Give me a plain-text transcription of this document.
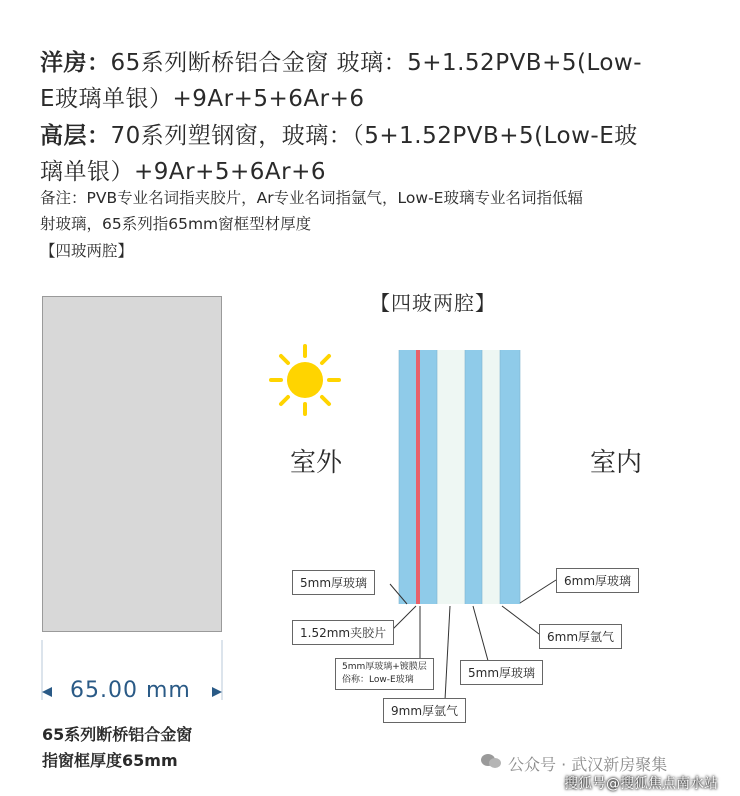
洋房：65系列断桥铝合金窗 玻璃：5+1.52PVB+5(Low-
E玻璃单银）+9Ar+5+6Ar+6
高层：70系列塑钢窗，玻璃：（5+1.52PVB+5(Low-E玻
璃单银）+9Ar+5+6Ar+6
备注：PVB专业名词指夹胶片，Ar专业名词指氩气，Low-E玻璃专业名词指低辐
射玻璃，65系列指65mm窗框型材厚度
【四玻两腔】
65.00 mm
65系列断桥铝合金窗
指窗框厚度65mm
【四玻两腔】
室外	室内
5mm厚玻璃
1.52mm夹胶片
5mm厚玻璃+镀膜层
俗称：Low-E玻璃
9mm厚氩气
5mm厚玻璃
6mm厚玻璃
6mm厚氩气
公众号 · 武汉新房聚集
搜狐号@搜狐焦点南水站
